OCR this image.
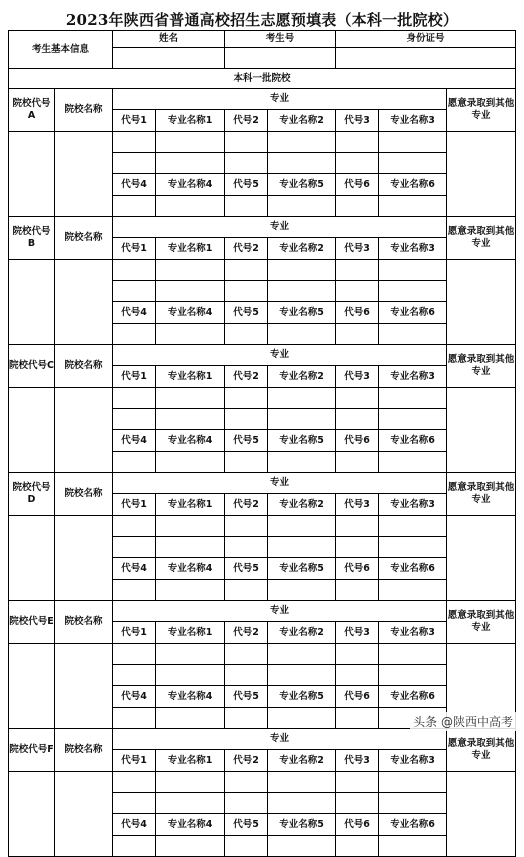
2023年陕西省普通高校招生志愿预填表（本科一批院校）
考生基本信息		姓名		考生号		身份证号		

本科一批院校								
院校代号A	院校名称	专业						愿意录取到其他专业
		代号1	专业名称1	代号2	专业名称2	代号3	专业名称3	

		代号4	专业名称4	代号5	专业名称5	代号6	专业名称6	

院校代号B	院校名称	专业						愿意录取到其他专业
		代号1	专业名称1	代号2	专业名称2	代号3	专业名称3	

		代号4	专业名称4	代号5	专业名称5	代号6	专业名称6	

院校代号C	院校名称	专业						愿意录取到其他专业
		代号1	专业名称1	代号2	专业名称2	代号3	专业名称3	

		代号4	专业名称4	代号5	专业名称5	代号6	专业名称6	

院校代号D	院校名称	专业						愿意录取到其他专业
		代号1	专业名称1	代号2	专业名称2	代号3	专业名称3	

		代号4	专业名称4	代号5	专业名称5	代号6	专业名称6	

院校代号E	院校名称	专业						愿意录取到其他专业
		代号1	专业名称1	代号2	专业名称2	代号3	专业名称3	

		代号4	专业名称4	代号5	专业名称5	代号6	专业名称6	

院校代号F	院校名称	专业						愿意录取到其他专业
		代号1	专业名称1	代号2	专业名称2	代号3	专业名称3	

		代号4	专业名称4	代号5	专业名称5	代号6	专业名称6	

头条 @陕西中高考
